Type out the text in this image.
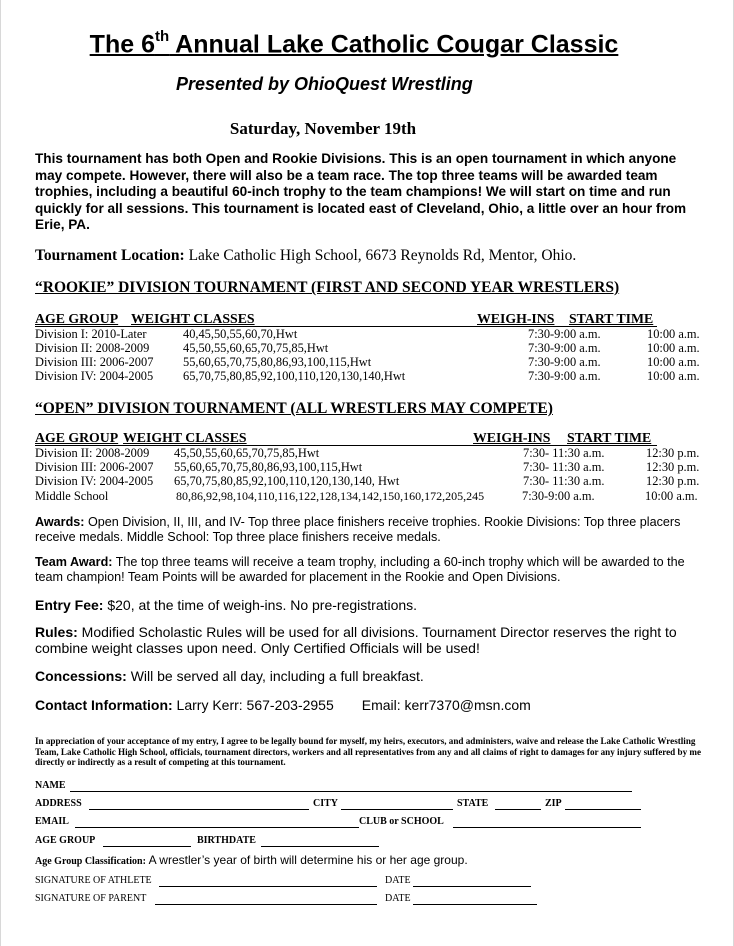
The 6th Annual Lake Catholic Cougar Classic
Presented by OhioQuest Wrestling
Saturday, November 19th
This tournament has both Open and Rookie Divisions. This is an open tournament in which anyone may compete. However, there will also be a team race. The top three teams will be awarded team trophies, including a beautiful 60-inch trophy to the team champions! We will start on time and run quickly for all sessions. This tournament is located east of Cleveland, Ohio, a little over an hour from Erie, PA.
Tournament Location: Lake Catholic High School, 6673 Reynolds Rd, Mentor, Ohio.
“ROOKIE” DIVISION TOURNAMENT (FIRST AND SECOND YEAR WRESTLERS)
AGE GROUP WEIGHT CLASSES	WEIGH-INS START TIME
Division I: 2010-Later	40,45,50,55,60,70,Hwt	7:30-9:00 a.m.	10:00 a.m.
Division II: 2008-2009	45,50,55,60,65,70,75,85,Hwt	7:30-9:00 a.m.	10:00 a.m.
Division III: 2006-2007 55,60,65,70,75,80,86,93,100,115,Hwt	7:30-9:00 a.m.	10:00 a.m.
Division IV: 2004-2005 65,70,75,80,85,92,100,110,120,130,140,Hwt	7:30-9:00 a.m.	10:00 a.m.
“OPEN” DIVISION TOURNAMENT (ALL WRESTLERS MAY COMPETE)
AGE GROUP WEIGHT CLASSES	WEIGH-INS START TIME
Division II: 2008-2009 45,50,55,60,65,70,75,85,Hwt	7:30- 11:30 a.m.	12:30 p.m.
Division III: 2006-2007 55,60,65,70,75,80,86,93,100,115,Hwt	7:30- 11:30 a.m.	12:30 p.m.
Division IV: 2004-2005 65,70,75,80,85,92,100,110,120,130,140, Hwt	7:30- 11:30 a.m.	12:30 p.m.
Middle School	80,86,92,98,104,110,116,122,128,134,142,150,160,172,205,245	7:30-9:00 a.m.	10:00 a.m.
Awards: Open Division, II, III, and IV- Top three place finishers receive trophies. Rookie Divisions: Top three placers receive medals. Middle School: Top three place finishers receive medals.
Team Award: The top three teams will receive a team trophy, including a 60-inch trophy which will be awarded to the team champion! Team Points will be awarded for placement in the Rookie and Open Divisions.
Entry Fee: $20, at the time of weigh-ins. No pre-registrations.
Rules: Modified Scholastic Rules will be used for all divisions. Tournament Director reserves the right to combine weight classes upon need. Only Certified Officials will be used!
Concessions: Will be served all day, including a full breakfast.
Contact Information: Larry Kerr: 567-203-2955 Email: kerr7370@msn.com
In appreciation of your acceptance of my entry, I agree to be legally bound for myself, my heirs, executors, and administers, waive and release the Lake Catholic Wrestling Team, Lake Catholic High School, officials, tournament directors, workers and all representatives from any and all claims of right to damages for any injury suffered by me directly or indirectly as a result of competing at this tournament.
NAME
ADDRESS	CITY	STATE	ZIP
EMAIL	CLUB or SCHOOL
AGE GROUP	BIRTHDATE
Age Group Classification: A wrestler’s year of birth will determine his or her age group.
SIGNATURE OF ATHLETE	DATE
SIGNATURE OF PARENT	DATE
